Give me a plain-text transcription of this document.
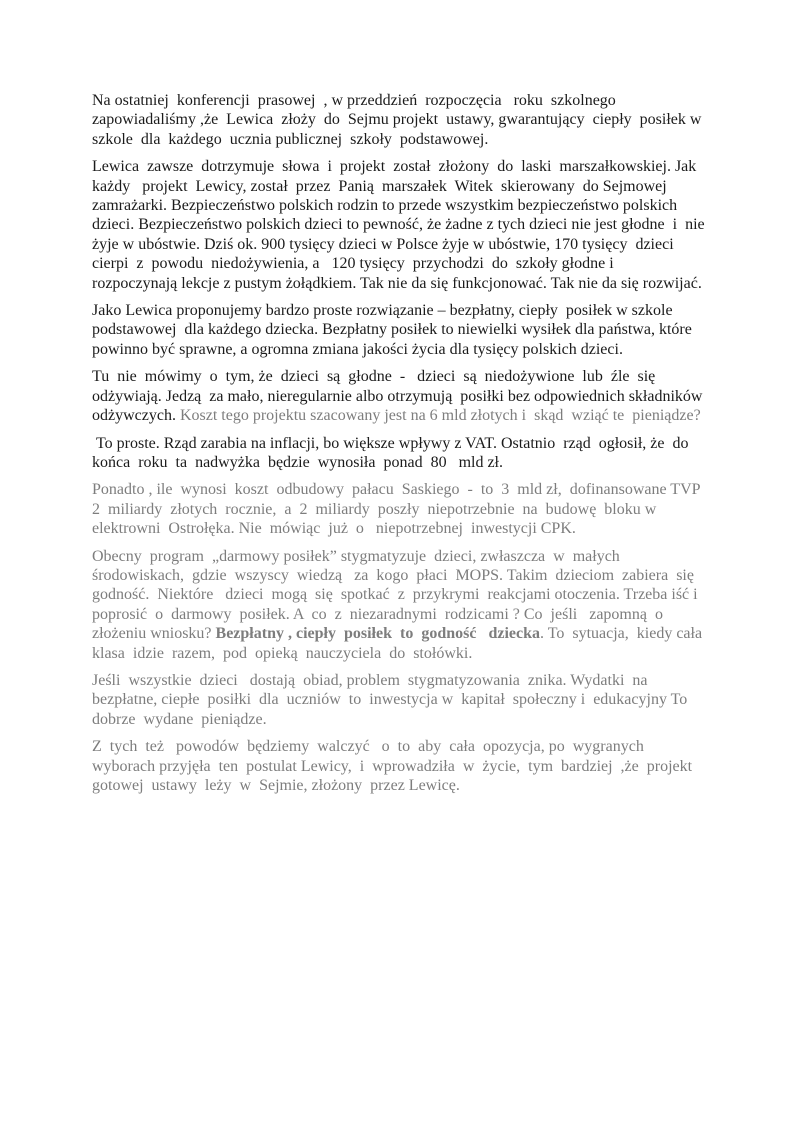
Na ostatniej  konferencji  prasowej  , w przeddzień  rozpoczęcia   roku  szkolnego zapowiadaliśmy ,że  Lewica  złoży  do  Sejmu projekt  ustawy, gwarantujący  ciepły  posiłek w  szkole  dla  każdego  ucznia publicznej  szkoły  podstawowej.

Lewica  zawsze  dotrzymuje  słowa  i  projekt  został  złożony  do  laski  marszałkowskiej. Jak  każdy   projekt  Lewicy, został  przez  Panią  marszałek  Witek  skierowany  do Sejmowej  zamrażarki. Bezpieczeństwo polskich rodzin to przede wszystkim bezpieczeństwo polskich dzieci. Bezpieczeństwo polskich dzieci to pewność, że żadne z tych dzieci nie jest głodne  i  nie żyje w ubóstwie. Dziś ok. 900 tysięcy dzieci w Polsce żyje w ubóstwie, 170 tysięcy  dzieci  cierpi  z  powodu  niedożywienia, a   120 tysięcy  przychodzi  do  szkoły głodne i  rozpoczynają lekcje z pustym żołądkiem. Tak nie da się funkcjonować. Tak nie da się rozwijać.

Jako Lewica proponujemy bardzo proste rozwiązanie – bezpłatny, ciepły  posiłek w szkole podstawowej  dla każdego dziecka. Bezpłatny posiłek to niewielki wysiłek dla państwa, które powinno być sprawne, a ogromna zmiana jakości życia dla tysięcy polskich dzieci.

Tu  nie  mówimy  o  tym, że  dzieci  są  głodne  -   dzieci  są  niedożywione  lub  źle  się odżywiają. Jedzą  za mało, nieregularnie albo otrzymują  posiłki bez odpowiednich składników odżywczych. Koszt tego projektu szacowany jest na 6 mld złotych i  skąd  wziąć te  pieniądze?

To proste. Rząd zarabia na inflacji, bo większe wpływy z VAT. Ostatnio  rząd  ogłosił, że  do końca  roku  ta  nadwyżka  będzie  wynosiła  ponad  80   mld zł.

Ponadto , ile  wynosi  koszt  odbudowy  pałacu  Saskiego  -  to  3  mld zł,  dofinansowane TVP  2  miliardy  złotych  rocznie,  a  2  miliardy  poszły  niepotrzebnie  na  budowę  bloku w  elektrowni  Ostrołęka. Nie  mówiąc  już  o   niepotrzebnej  inwestycji CPK.

Obecny  program  „darmowy posiłek” stygmatyzuje  dzieci, zwłaszcza  w  małych środowiskach,  gdzie  wszyscy  wiedzą   za  kogo  płaci  MOPS. Takim  dzieciom  zabiera  się godność.  Niektóre   dzieci  mogą  się  spotkać  z  przykrymi  reakcjami otoczenia. Trzeba iść i  poprosić  o  darmowy  posiłek. A  co  z  niezaradnymi  rodzicami ? Co  jeśli   zapomną  o złożeniu wniosku? Bezpłatny , ciepły  posiłek  to  godność   dziecka. To  sytuacja,  kiedy cała  klasa  idzie  razem,  pod  opieką  nauczyciela  do  stołówki.

Jeśli  wszystkie  dzieci   dostają  obiad, problem  stygmatyzowania  znika. Wydatki  na bezpłatne, ciepłe  posiłki  dla  uczniów  to  inwestycja w  kapitał  społeczny i  edukacyjny To dobrze  wydane  pieniądze.

Z  tych  też   powodów  będziemy  walczyć   o  to  aby  cała  opozycja, po  wygranych wyborach przyjęła  ten  postulat Lewicy,  i  wprowadziła  w  życie,  tym  bardziej  ,że  projekt gotowej  ustawy  leży  w  Sejmie, złożony  przez Lewicę.
